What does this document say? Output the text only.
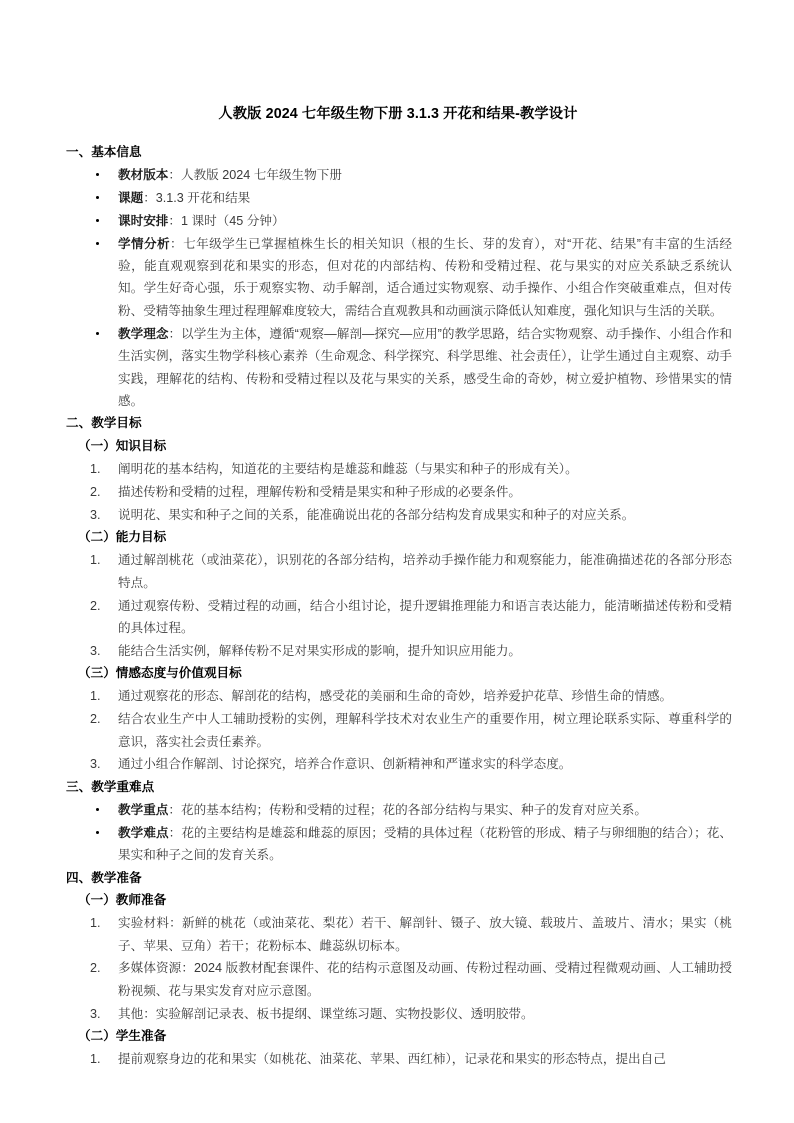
人教版 2024 七年级生物下册 3.1.3 开花和结果-教学设计
一、基本信息
教材版本：人教版 2024 七年级生物下册
课题：3.1.3 开花和结果
课时安排：1 课时（45 分钟）
学情分析：七年级学生已掌握植株生长的相关知识（根的生长、芽的发育），对“开花、结果”有丰富的生活经验，能直观观察到花和果实的形态，但对花的内部结构、传粉和受精过程、花与果实的对应关系缺乏系统认知。学生好奇心强，乐于观察实物、动手解剖，适合通过实物观察、动手操作、小组合作突破重难点，但对传粉、受精等抽象生理过程理解难度较大，需结合直观教具和动画演示降低认知难度，强化知识与生活的关联。
教学理念：以学生为主体，遵循“观察—解剖—探究—应用”的教学思路，结合实物观察、动手操作、小组合作和生活实例，落实生物学科核心素养（生命观念、科学探究、科学思维、社会责任），让学生通过自主观察、动手实践，理解花的结构、传粉和受精过程以及花与果实的关系，感受生命的奇妙，树立爱护植物、珍惜果实的情感。
二、教学目标
（一）知识目标
阐明花的基本结构，知道花的主要结构是雄蕊和雌蕊（与果实和种子的形成有关）。
描述传粉和受精的过程，理解传粉和受精是果实和种子形成的必要条件。
说明花、果实和种子之间的关系，能准确说出花的各部分结构发育成果实和种子的对应关系。
（二）能力目标
通过解剖桃花（或油菜花），识别花的各部分结构，培养动手操作能力和观察能力，能准确描述花的各部分形态特点。
通过观察传粉、受精过程的动画，结合小组讨论，提升逻辑推理能力和语言表达能力，能清晰描述传粉和受精的具体过程。
能结合生活实例，解释传粉不足对果实形成的影响，提升知识应用能力。
（三）情感态度与价值观目标
通过观察花的形态、解剖花的结构，感受花的美丽和生命的奇妙，培养爱护花草、珍惜生命的情感。
结合农业生产中人工辅助授粉的实例，理解科学技术对农业生产的重要作用，树立理论联系实际、尊重科学的意识，落实社会责任素养。
通过小组合作解剖、讨论探究，培养合作意识、创新精神和严谨求实的科学态度。
三、教学重难点
教学重点：花的基本结构；传粉和受精的过程；花的各部分结构与果实、种子的发育对应关系。
教学难点：花的主要结构是雄蕊和雌蕊的原因；受精的具体过程（花粉管的形成、精子与卵细胞的结合）；花、果实和种子之间的发育关系。
四、教学准备
（一）教师准备
实验材料：新鲜的桃花（或油菜花、梨花）若干、解剖针、镊子、放大镜、载玻片、盖玻片、清水；果实（桃子、苹果、豆角）若干；花粉标本、雌蕊纵切标本。
多媒体资源：2024 版教材配套课件、花的结构示意图及动画、传粉过程动画、受精过程微观动画、人工辅助授粉视频、花与果实发育对应示意图。
其他：实验解剖记录表、板书提纲、课堂练习题、实物投影仪、透明胶带。
（二）学生准备
提前观察身边的花和果实（如桃花、油菜花、苹果、西红柿），记录花和果实的形态特点，提出自己
